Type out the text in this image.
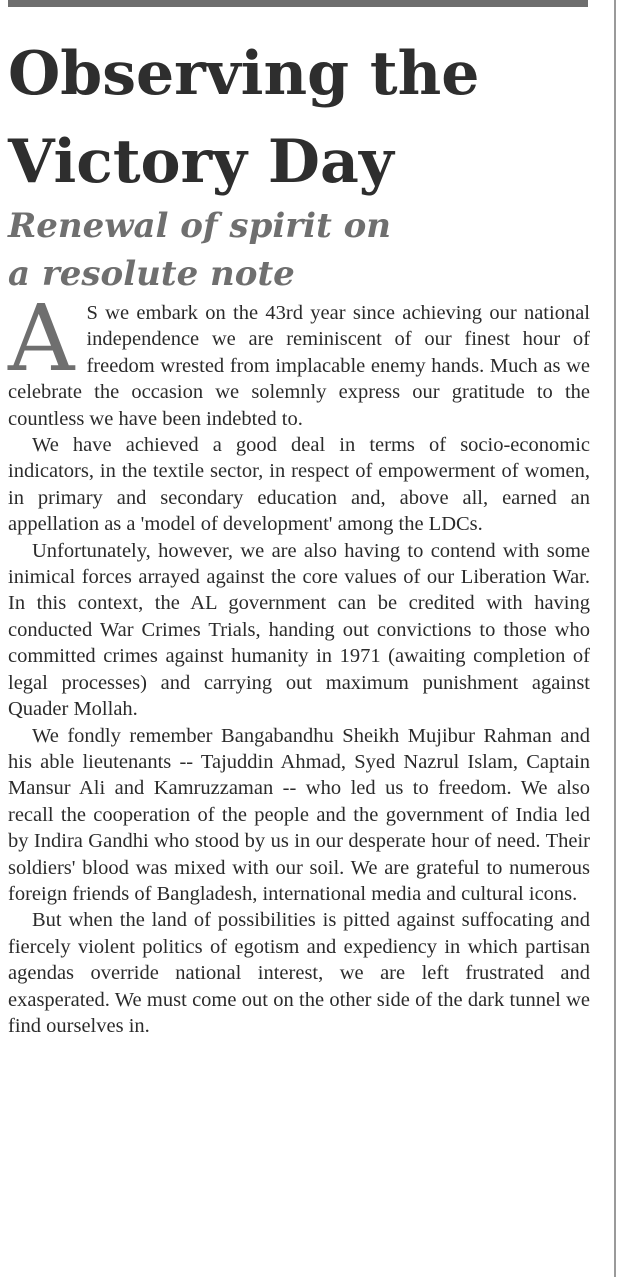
Observing the
Victory Day
Renewal of spirit on
a resolute note

A S we embark on the 43rd year since achieving our national independence we are reminiscent of our finest hour of freedom wrested from implacable enemy hands. Much as we celebrate the occasion we solemnly express our gratitude to the countless we have been indebted to.

We have achieved a good deal in terms of socio-economic indicators, in the textile sector, in respect of empowerment of women, in primary and secondary education and, above all, earned an appellation as a 'model of development' among the LDCs.

Unfortunately, however, we are also having to contend with some inimical forces arrayed against the core values of our Liberation War. In this context, the AL government can be credited with having conducted War Crimes Trials, handing out convictions to those who committed crimes against humanity in 1971 (awaiting completion of legal processes) and carrying out maximum punishment against Quader Mollah.

We fondly remember Bangabandhu Sheikh Mujibur Rahman and his able lieutenants -- Tajuddin Ahmad, Syed Nazrul Islam, Captain Mansur Ali and Kamruzzaman -- who led us to freedom. We also recall the cooperation of the people and the government of India led by Indira Gandhi who stood by us in our desperate hour of need. Their soldiers' blood was mixed with our soil. We are grateful to numerous foreign friends of Bangladesh, international media and cultural icons.

But when the land of possibilities is pitted against suffocating and fiercely violent politics of egotism and expediency in which partisan agendas override national interest, we are left frustrated and exasperated. We must come out on the other side of the dark tunnel we find ourselves in.
